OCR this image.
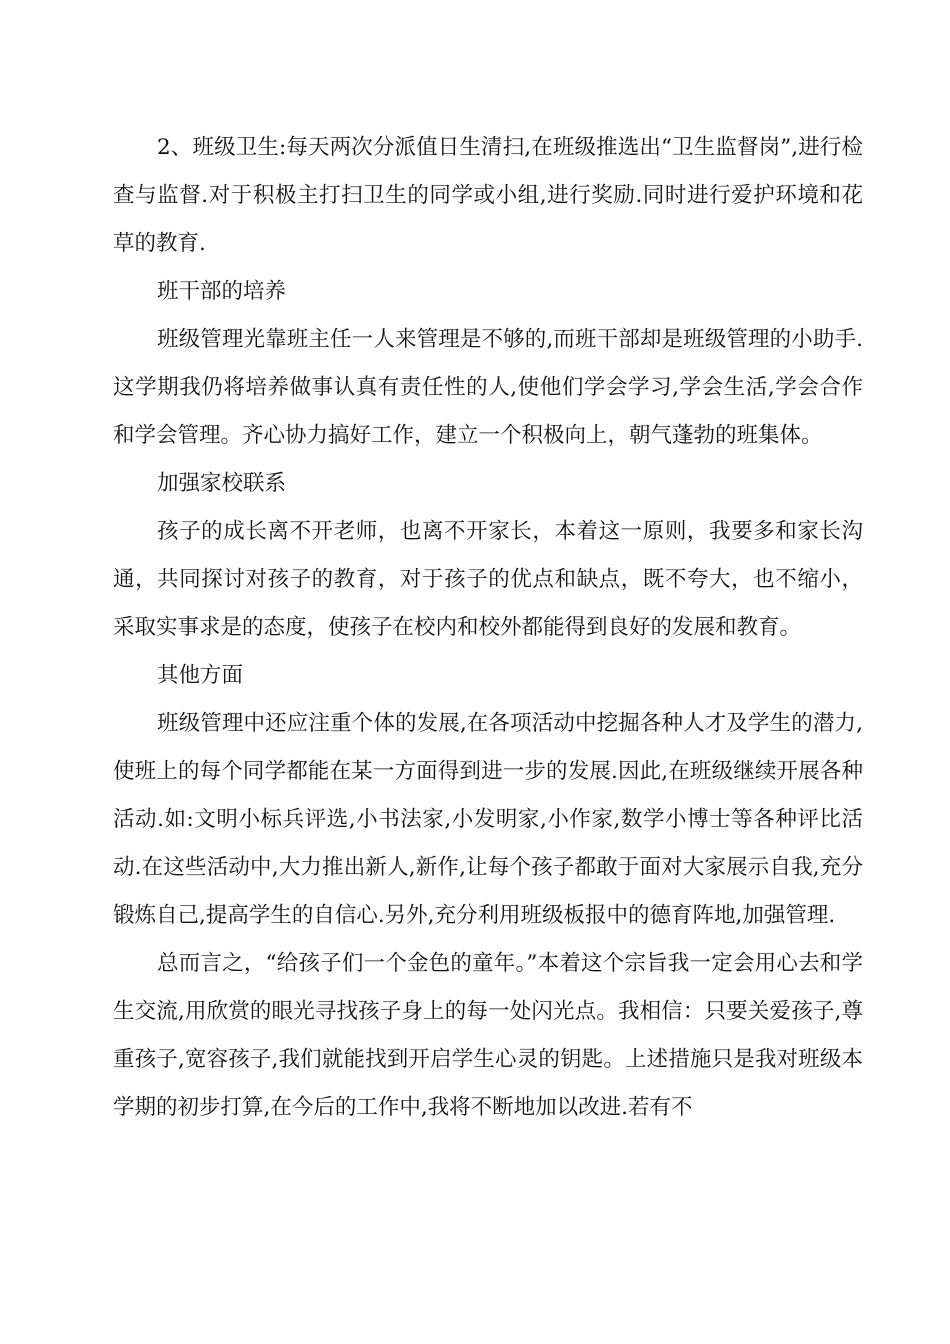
2、班级卫生:每天两次分派值日生清扫,在班级推选出“卫生监督岗”,进行检查与监督.对于积极主打扫卫生的同学或小组,进行奖励.同时进行爱护环境和花草的教育.

班干部的培养

班级管理光靠班主任一人来管理是不够的,而班干部却是班级管理的小助手.这学期我仍将培养做事认真有责任性的人,使他们学会学习,学会生活,学会合作和学会管理。齐心协力搞好工作，建立一个积极向上，朝气蓬勃的班集体。

加强家校联系

孩子的成长离不开老师，也离不开家长，本着这一原则，我要多和家长沟通，共同探讨对孩子的教育，对于孩子的优点和缺点，既不夸大，也不缩小，采取实事求是的态度，使孩子在校内和校外都能得到良好的发展和教育。

其他方面

班级管理中还应注重个体的发展,在各项活动中挖掘各种人才及学生的潜力,使班上的每个同学都能在某一方面得到进一步的发展.因此,在班级继续开展各种活动.如:文明小标兵评选,小书法家,小发明家,小作家,数学小博士等各种评比活动.在这些活动中,大力推出新人,新作,让每个孩子都敢于面对大家展示自我,充分锻炼自己,提高学生的自信心.另外,充分利用班级板报中的德育阵地,加强管理.

总而言之，“给孩子们一个金色的童年。”本着这个宗旨我一定会用心去和学生交流,用欣赏的眼光寻找孩子身上的每一处闪光点。我相信：只要关爱孩子,尊重孩子,宽容孩子,我们就能找到开启学生心灵的钥匙。上述措施只是我对班级本学期的初步打算,在今后的工作中,我将不断地加以改进.若有不
